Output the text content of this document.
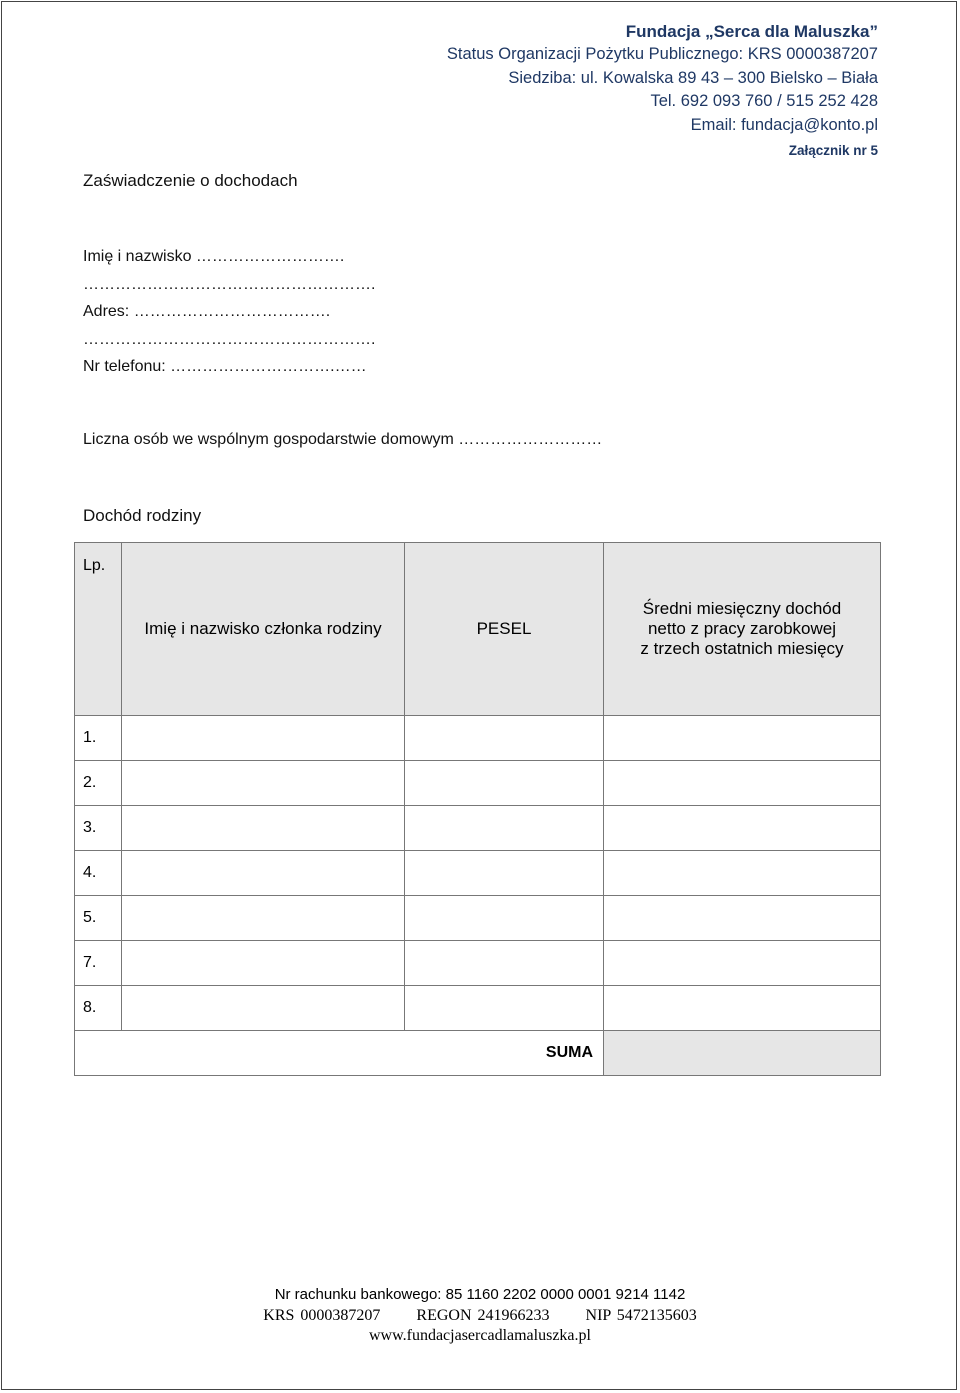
Fundacja „Serca dla Maluszka”
Status Organizacji Pożytku Publicznego: KRS 0000387207
Siedziba: ul. Kowalska 89 43 – 300 Bielsko – Biała
Tel. 692 093 760 / 515 252 428
Email: fundacja@konto.pl
Załącznik nr 5
Zaświadczenie o dochodach
Imię i nazwisko ……………………….
……………………………………………….
Adres: ……………………………….
……………………………………………….
Nr telefonu: ………………………….……
Liczna osób we wspólnym gospodarstwie domowym ………………………
Dochód rodziny
Lp.	Imię i nazwisko członka rodziny	PESEL	Średni miesięczny dochód
netto z pracy zarobkowej
z trzech ostatnich miesięcy

1.			
2.			
3.			
4.			
5.			
7.			
8.			
SUMA			
Nr rachunku bankowego: 85 1160 2202 0000 0001 9214 1142
KRS 0000387207      REGON 241966233      NIP 5472135603
www.fundacjasercadlamaluszka.pl
